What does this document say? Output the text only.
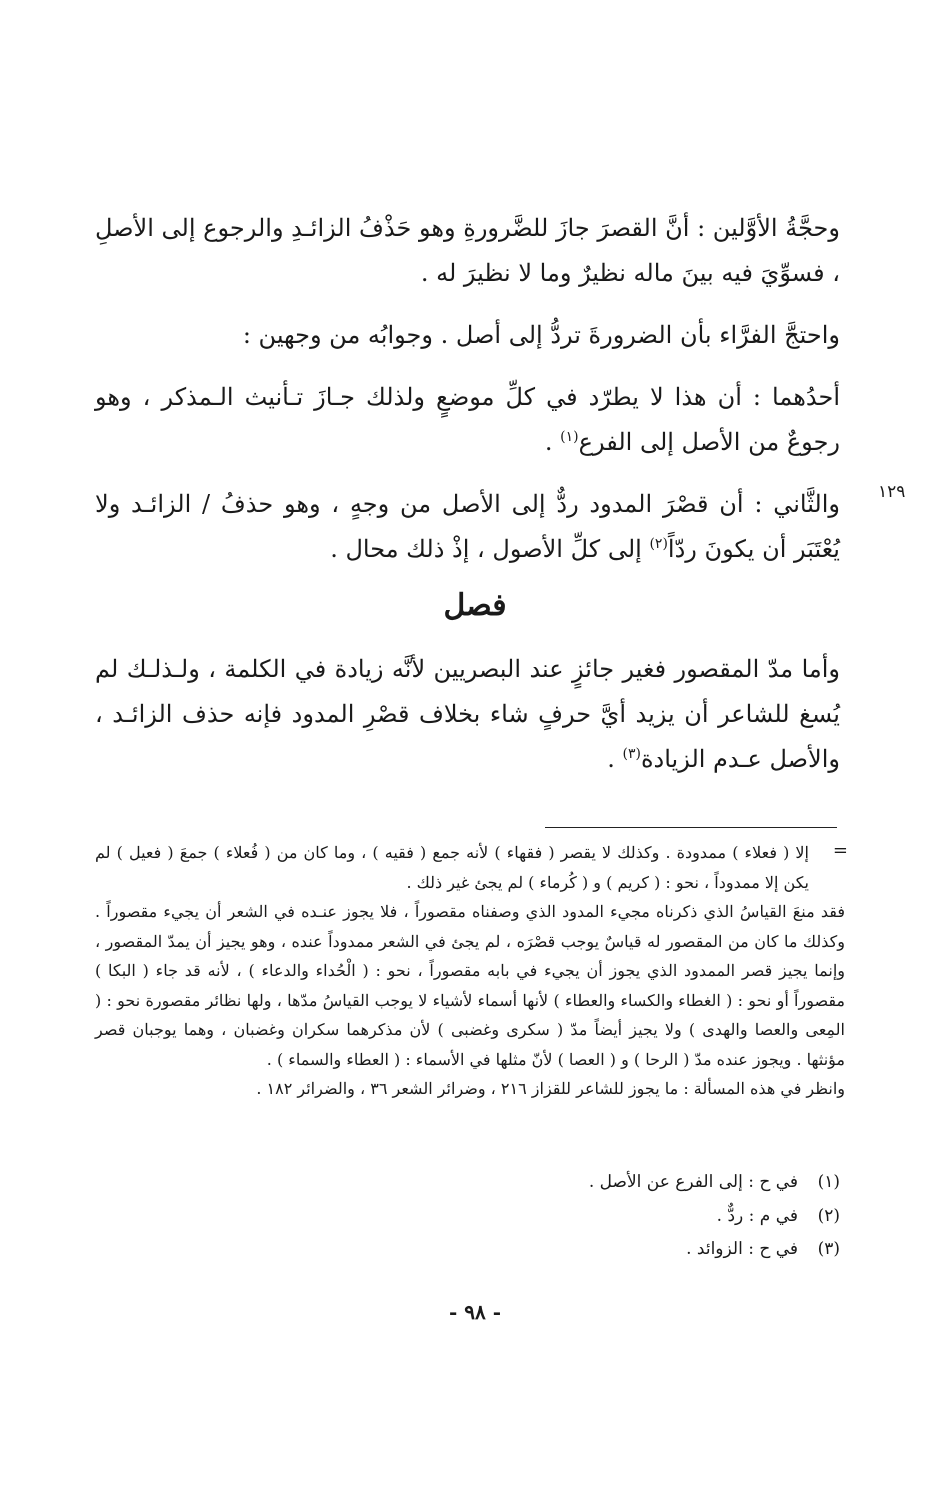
وحجَّةُ الأوَّلين : أنَّ القصرَ جازَ للضَّرورةِ وهو حَذْفُ الزائـدِ والرجوع إلى الأصلِ ، فسوِّيَ فيه بينَ ماله نظيرٌ وما لا نظيرَ له .

واحتجَّ الفرَّاء بأن الضرورةَ تردُّ إلى أصل . وجوابُه من وجهين :

أحدُهما : أن هذا لا يطرّد في كلِّ موضعٍ ولذلك جـازَ تـأنيث الـمذكر ، وهو رجوعٌ من الأصل إلى الفرع$^{(١)}$ .

والثَّاني : أن قصْرَ المدود ردٌّ إلى الأصل من وجهٍ ، وهو حذفُ / الزائـد ولا يُعْتَبَر أن يكونَ ردّاً$^{(٢)}$ إلى كلِّ الأصول ، إذْ ذلك محال .

١٢٩
فصل

وأما مدّ المقصور فغير جائزٍ عند البصريين لأنَّه زيادة في الكلمة ، ولـذلـك لم يُسغ للشاعر أن يزيد أيَّ حرفٍ شاء بخلاف قصْرِ المدود فإنه حذف الزائـد ، والأصل عـدم الزيادة$^{(٣)}$ .

=

إلا ( فعلاء ) ممدودة . وكذلك لا يقصر ( فقهاء ) لأنه جمع ( فقيه ) ، وما كان من ( فُعلاء ) جمعَ ( فعيل ) لم يكن إلا ممدوداً ، نحو : ( كريم ) و ( كُرماء ) لم يجئ غير ذلك .

فقد منعَ القياسُ الذي ذكرناه مجيء المدود الذي وصفناه مقصوراً ، فلا يجوز عنـده في الشعر أن يجيء مقصوراً . وكذلك ما كان من المقصور له قياسٌ يوجب قصْرَه ، لم يجئ في الشعر ممدوداً عنده ، وهو يجيز أن يمدّ المقصور ، وإنما يجيز قصر الممدود الذي يجوز أن يجيء في بابه مقصوراً ، نحو : ( الْحُداء والدعاء ) ، لأنه قد جاء ( البكا ) مقصوراً أو نحو : ( الغطاء والكساء والعطاء ) لأنها أسماء لأشياء لا يوجب القياسُ مدّها ، ولها نظائر مقصورة نحو : ( المِعى والعصا والهدى ) ولا يجيز أيضاً مدّ ( سكرى وغضبى ) لأن مذكرهما سكران وغضبان ، وهما يوجبان قصر مؤنثها . ويجوز عنده مدّ ( الرحا ) و ( العصا ) لأنّ مثلها في الأسماء : ( العطاء والسماء ) .

وانظر في هذه المسألة : ما يجوز للشاعر للقزاز ٢١٦ ، وضرائر الشعر ٣٦ ، والضرائر ١٨٢ .

(١)
في ح : إلى الفرع عن الأصل .
(٢)
في م : ردٌّ .
(٣)
في ح : الزوائد .
- ٩٨ -
